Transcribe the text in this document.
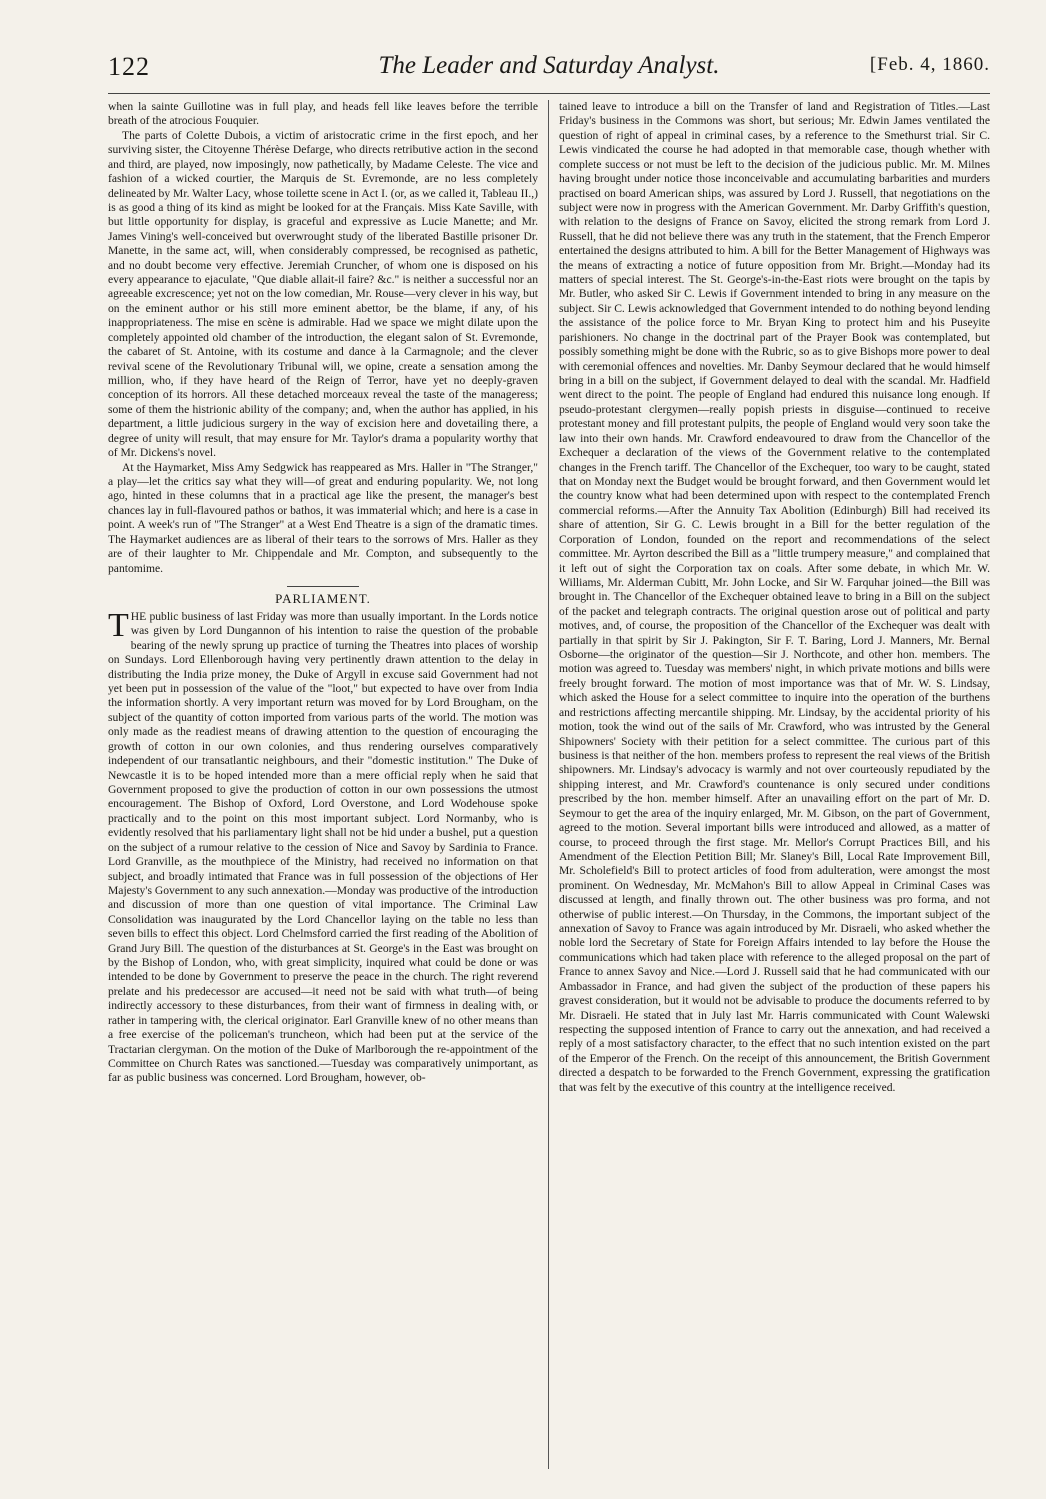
122	The Leader and Saturday Analyst.	[Feb. 4, 1860.

when la sainte Guillotine was in full play, and heads fell like leaves before the terrible breath of the atrocious Fouquier.

The parts of Colette Dubois, a victim of aristocratic crime in the first epoch, and her surviving sister, the Citoyenne Thérèse Defarge, who directs retributive action in the second and third, are played, now imposingly, now pathetically, by Madame Celeste. The vice and fashion of a wicked courtier, the Marquis de St. Evremonde, are no less completely delineated by Mr. Walter Lacy, whose toilette scene in Act I. (or, as we called it, Tableau II.,) is as good a thing of its kind as might be looked for at the Français. Miss Kate Saville, with but little opportunity for display, is graceful and expressive as Lucie Manette; and Mr. James Vining's well-conceived but overwrought study of the liberated Bastille prisoner Dr. Manette, in the same act, will, when considerably compressed, be recognised as pathetic, and no doubt become very effective. Jeremiah Cruncher, of whom one is disposed on his every appearance to ejaculate, "Que diable allait-il faire? &c." is neither a successful nor an agreeable excrescence; yet not on the low comedian, Mr. Rouse—very clever in his way, but on the eminent author or his still more eminent abettor, be the blame, if any, of his inappropriateness. The mise en scène is admirable. Had we space we might dilate upon the completely appointed old chamber of the introduction, the elegant salon of St. Evremonde, the cabaret of St. Antoine, with its costume and dance à la Carmagnole; and the clever revival scene of the Revolutionary Tribunal will, we opine, create a sensation among the million, who, if they have heard of the Reign of Terror, have yet no deeply-graven conception of its horrors. All these detached morceaux reveal the taste of the manageress; some of them the histrionic ability of the company; and, when the author has applied, in his department, a little judicious surgery in the way of excision here and dovetailing there, a degree of unity will result, that may ensure for Mr. Taylor's drama a popularity worthy that of Mr. Dickens's novel.

At the Haymarket, Miss Amy Sedgwick has reappeared as Mrs. Haller in "The Stranger," a play—let the critics say what they will—of great and enduring popularity. We, not long ago, hinted in these columns that in a practical age like the present, the manager's best chances lay in full-flavoured pathos or bathos, it was immaterial which; and here is a case in point. A week's run of "The Stranger" at a West End Theatre is a sign of the dramatic times. The Haymarket audiences are as liberal of their tears to the sorrows of Mrs. Haller as they are of their laughter to Mr. Chippendale and Mr. Compton, and subsequently to the pantomime.

PARLIAMENT.

THE public business of last Friday was more than usually important. In the Lords notice was given by Lord Dungannon of his intention to raise the question of the probable bearing of the newly sprung up practice of turning the Theatres into places of worship on Sundays. Lord Ellenborough having very pertinently drawn attention to the delay in distributing the India prize money, the Duke of Argyll in excuse said Government had not yet been put in possession of the value of the "loot," but expected to have over from India the information shortly. A very important return was moved for by Lord Brougham, on the subject of the quantity of cotton imported from various parts of the world. The motion was only made as the readiest means of drawing attention to the question of encouraging the growth of cotton in our own colonies, and thus rendering ourselves comparatively independent of our transatlantic neighbours, and their "domestic institution." The Duke of Newcastle it is to be hoped intended more than a mere official reply when he said that Government proposed to give the production of cotton in our own possessions the utmost encouragement. The Bishop of Oxford, Lord Overstone, and Lord Wodehouse spoke practically and to the point on this most important subject. Lord Normanby, who is evidently resolved that his parliamentary light shall not be hid under a bushel, put a question on the subject of a rumour relative to the cession of Nice and Savoy by Sardinia to France. Lord Granville, as the mouthpiece of the Ministry, had received no information on that subject, and broadly intimated that France was in full possession of the objections of Her Majesty's Government to any such annexation.—Monday was productive of the introduction and discussion of more than one question of vital importance. The Criminal Law Consolidation was inaugurated by the Lord Chancellor laying on the table no less than seven bills to effect this object. Lord Chelmsford carried the first reading of the Abolition of Grand Jury Bill. The question of the disturbances at St. George's in the East was brought on by the Bishop of London, who, with great simplicity, inquired what could be done or was intended to be done by Government to preserve the peace in the church. The right reverend prelate and his predecessor are accused—it need not be said with what truth—of being indirectly accessory to these disturbances, from their want of firmness in dealing with, or rather in tampering with, the clerical originator. Earl Granville knew of no other means than a free exercise of the policeman's truncheon, which had been put at the service of the Tractarian clergyman. On the motion of the Duke of Marlborough the re-appointment of the Committee on Church Rates was sanctioned.—Tuesday was comparatively unimportant, as far as public business was concerned. Lord Brougham, however, ob-

tained leave to introduce a bill on the Transfer of land and Registration of Titles.—Last Friday's business in the Commons was short, but serious; Mr. Edwin James ventilated the question of right of appeal in criminal cases, by a reference to the Smethurst trial. Sir C. Lewis vindicated the course he had adopted in that memorable case, though whether with complete success or not must be left to the decision of the judicious public. Mr. M. Milnes having brought under notice those inconceivable and accumulating barbarities and murders practised on board American ships, was assured by Lord J. Russell, that negotiations on the subject were now in progress with the American Government. Mr. Darby Griffith's question, with relation to the designs of France on Savoy, elicited the strong remark from Lord J. Russell, that he did not believe there was any truth in the statement, that the French Emperor entertained the designs attributed to him. A bill for the Better Management of Highways was the means of extracting a notice of future opposition from Mr. Bright.—Monday had its matters of special interest. The St. George's-in-the-East riots were brought on the tapis by Mr. Butler, who asked Sir C. Lewis if Government intended to bring in any measure on the subject. Sir C. Lewis acknowledged that Government intended to do nothing beyond lending the assistance of the police force to Mr. Bryan King to protect him and his Puseyite parishioners. No change in the doctrinal part of the Prayer Book was contemplated, but possibly something might be done with the Rubric, so as to give Bishops more power to deal with ceremonial offences and novelties. Mr. Danby Seymour declared that he would himself bring in a bill on the subject, if Government delayed to deal with the scandal. Mr. Hadfield went direct to the point. The people of England had endured this nuisance long enough. If pseudo-protestant clergymen—really popish priests in disguise—continued to receive protestant money and fill protestant pulpits, the people of England would very soon take the law into their own hands. Mr. Crawford endeavoured to draw from the Chancellor of the Exchequer a declaration of the views of the Government relative to the contemplated changes in the French tariff. The Chancellor of the Exchequer, too wary to be caught, stated that on Monday next the Budget would be brought forward, and then Government would let the country know what had been determined upon with respect to the contemplated French commercial reforms.—After the Annuity Tax Abolition (Edinburgh) Bill had received its share of attention, Sir G. C. Lewis brought in a Bill for the better regulation of the Corporation of London, founded on the report and recommendations of the select committee. Mr. Ayrton described the Bill as a "little trumpery measure," and complained that it left out of sight the Corporation tax on coals. After some debate, in which Mr. W. Williams, Mr. Alderman Cubitt, Mr. John Locke, and Sir W. Farquhar joined—the Bill was brought in. The Chancellor of the Exchequer obtained leave to bring in a Bill on the subject of the packet and telegraph contracts. The original question arose out of political and party motives, and, of course, the proposition of the Chancellor of the Exchequer was dealt with partially in that spirit by Sir J. Pakington, Sir F. T. Baring, Lord J. Manners, Mr. Bernal Osborne—the originator of the question—Sir J. Northcote, and other hon. members. The motion was agreed to. Tuesday was members' night, in which private motions and bills were freely brought forward. The motion of most importance was that of Mr. W. S. Lindsay, which asked the House for a select committee to inquire into the operation of the burthens and restrictions affecting mercantile shipping. Mr. Lindsay, by the accidental priority of his motion, took the wind out of the sails of Mr. Crawford, who was intrusted by the General Shipowners' Society with their petition for a select committee. The curious part of this business is that neither of the hon. members profess to represent the real views of the British shipowners. Mr. Lindsay's advocacy is warmly and not over courteously repudiated by the shipping interest, and Mr. Crawford's countenance is only secured under conditions prescribed by the hon. member himself. After an unavailing effort on the part of Mr. D. Seymour to get the area of the inquiry enlarged, Mr. M. Gibson, on the part of Government, agreed to the motion. Several important bills were introduced and allowed, as a matter of course, to proceed through the first stage. Mr. Mellor's Corrupt Practices Bill, and his Amendment of the Election Petition Bill; Mr. Slaney's Bill, Local Rate Improvement Bill, Mr. Scholefield's Bill to protect articles of food from adulteration, were amongst the most prominent. On Wednesday, Mr. McMahon's Bill to allow Appeal in Criminal Cases was discussed at length, and finally thrown out. The other business was pro forma, and not otherwise of public interest.—On Thursday, in the Commons, the important subject of the annexation of Savoy to France was again introduced by Mr. Disraeli, who asked whether the noble lord the Secretary of State for Foreign Affairs intended to lay before the House the communications which had taken place with reference to the alleged proposal on the part of France to annex Savoy and Nice.—Lord J. Russell said that he had communicated with our Ambassador in France, and had given the subject of the production of these papers his gravest consideration, but it would not be advisable to produce the documents referred to by Mr. Disraeli. He stated that in July last Mr. Harris communicated with Count Walewski respecting the supposed intention of France to carry out the annexation, and had received a reply of a most satisfactory character, to the effect that no such intention existed on the part of the Emperor of the French. On the receipt of this announcement, the British Government directed a despatch to be forwarded to the French Government, expressing the gratification that was felt by the executive of this country at the intelligence received.
